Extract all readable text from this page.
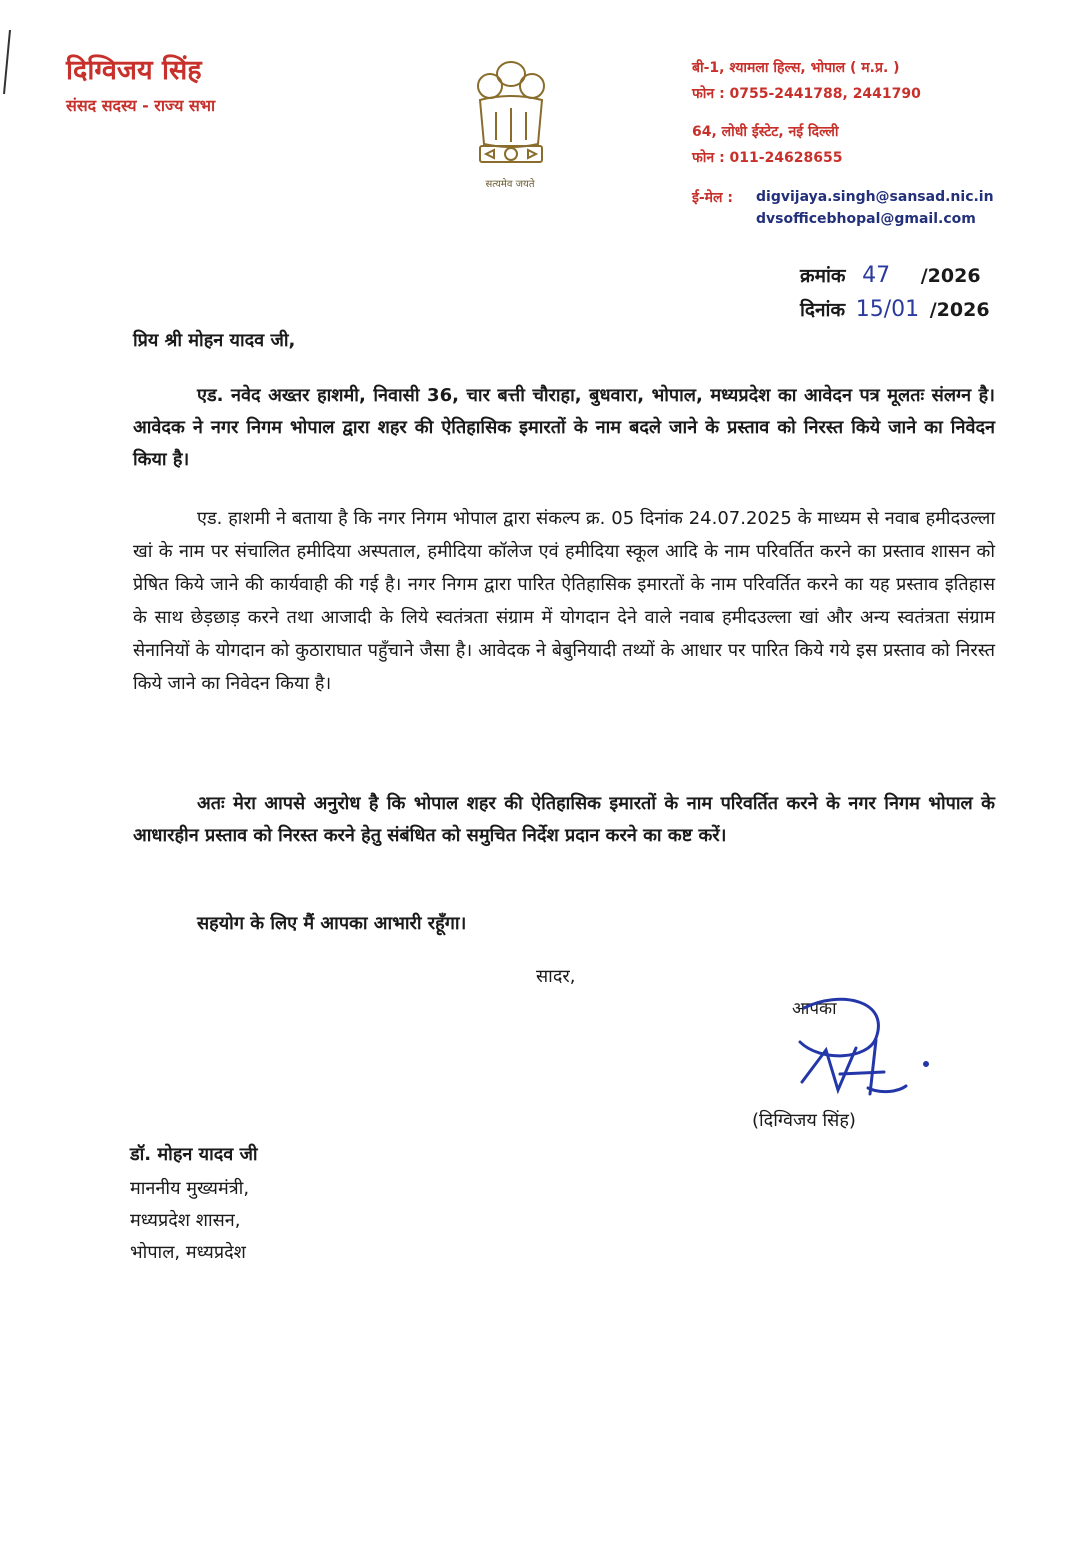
दिग्विजय सिंह
संसद सदस्य - राज्य सभा
सत्यमेव जयते
बी-1, श्यामला हिल्स, भोपाल ( म.प्र. )
फोन : 0755-2441788, 2441790
64, लोधी ईस्टेट, नई दिल्ली
फोन : 011-24628655
ई-मेल : digvijaya.singh@sansad.nic.in
dvsofficebhopal@gmail.com
क्रमांक 47 /2026
दिनांक 15/01 /2026
प्रिय श्री मोहन यादव जी,

एड. नवेद अख्तर हाशमी, निवासी 36, चार बत्ती चौराहा, बुधवारा, भोपाल, मध्यप्रदेश का आवेदन पत्र मूलतः संलग्न है। आवेदक ने नगर निगम भोपाल द्वारा शहर की ऐतिहासिक इमारतों के नाम बदले जाने के प्रस्ताव को निरस्त किये जाने का निवेदन किया है।

एड. हाशमी ने बताया है कि नगर निगम भोपाल द्वारा संकल्प क्र. 05 दिनांक 24.07.2025 के माध्यम से नवाब हमीदउल्ला खां के नाम पर संचालित हमीदिया अस्पताल, हमीदिया कॉलेज एवं हमीदिया स्कूल आदि के नाम परिवर्तित करने का प्रस्ताव शासन को प्रेषित किये जाने की कार्यवाही की गई है। नगर निगम द्वारा पारित ऐतिहासिक इमारतों के नाम परिवर्तित करने का यह प्रस्ताव इतिहास के साथ छेड़छाड़ करने तथा आजादी के लिये स्वतंत्रता संग्राम में योगदान देने वाले नवाब हमीदउल्ला खां और अन्य स्वतंत्रता संग्राम सेनानियों के योगदान को कुठाराघात पहुँचाने जैसा है। आवेदक ने बेबुनियादी तथ्यों के आधार पर पारित किये गये इस प्रस्ताव को निरस्त किये जाने का निवेदन किया है।

अतः मेरा आपसे अनुरोध है कि भोपाल शहर की ऐतिहासिक इमारतों के नाम परिवर्तित करने के नगर निगम भोपाल के आधारहीन प्रस्ताव को निरस्त करने हेतु संबंधित को समुचित निर्देश प्रदान करने का कष्ट करें।

सहयोग के लिए मैं आपका आभारी रहूँगा।

सादर,
आपका
(दिग्विजय सिंह)
डॉ. मोहन यादव जी
माननीय मुख्यमंत्री,
मध्यप्रदेश शासन,
भोपाल, मध्यप्रदेश
